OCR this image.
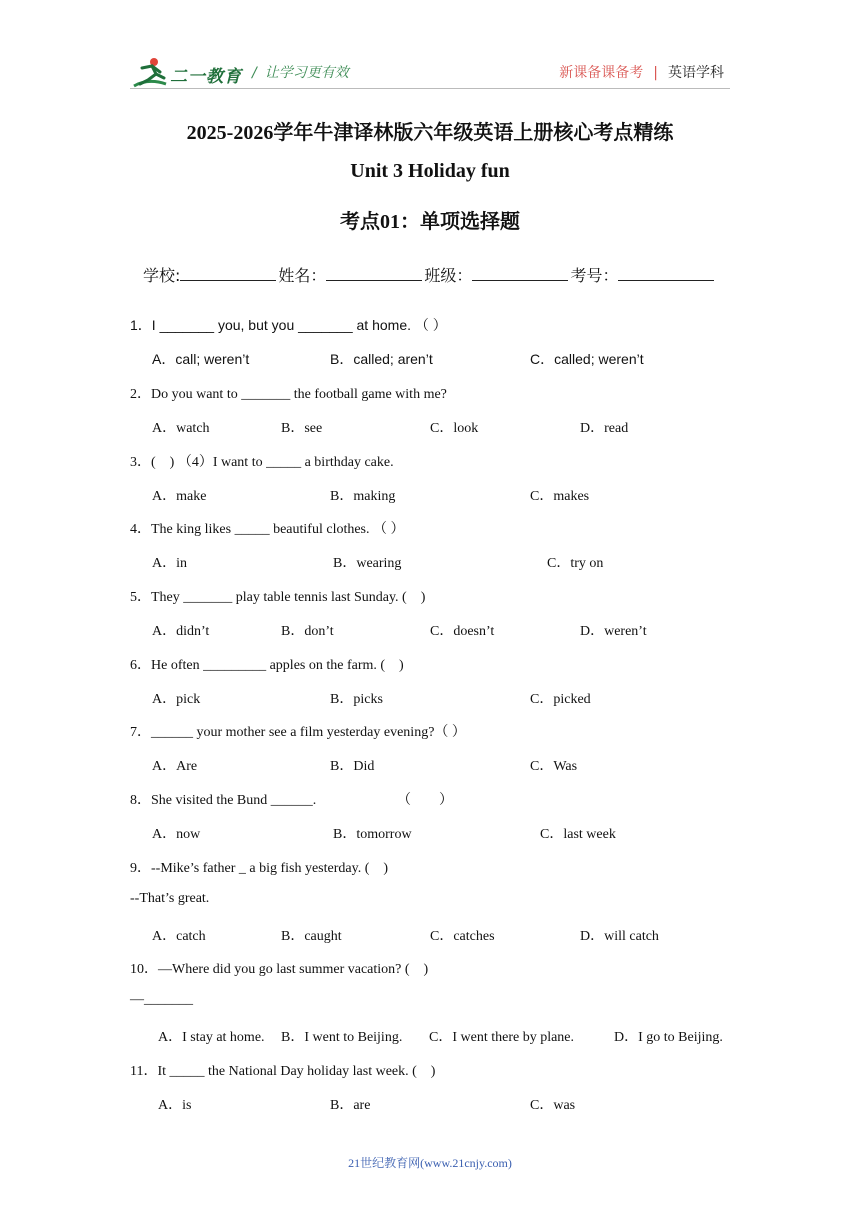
二一教育 / 让学习更有效	新课备课备考 | 英语学科
2025-2026学年牛津译林版六年级英语上册核心考点精练
Unit 3 Holiday fun
考点01：单项选择题
学校:	姓名：	班级：	考号：
1．I _______ you, but you _______ at home. （ ）
A．call; weren’t	B．called; aren’t	C．called; weren’t
2．Do you want to _______ the football game with me?
A．watch	B．see	C．look	D．read
3．(　) （4）I want to _____ a birthday cake.
A．make	B．making	C．makes
4．The king likes _____ beautiful clothes. （ ）
A．in	B．wearing	C．try on
5．They _______ play table tennis last Sunday. (　)
A．didn’t	B．don’t	C．doesn’t	D．weren’t
6．He often _________ apples on the farm. (　)
A．pick	B．picks	C．picked
7．______ your mother see a film yesterday evening?（ ）
A．Are	B．Did	C．Was
8．She visited the Bund ______.	（　　）
A．now	B．tomorrow	C．last week
9．--Mike’s father _ a big fish yesterday. (　)
--That’s great.
A．catch	B．caught	C．catches	D．will catch
10．—Where did you go last summer vacation? (　)
—_______
A．I stay at home. B．I went to Beijing. C．I went there by plane.	D．I go to Beijing.
11．It _____ the National Day holiday last week. (　)
A．is	B．are	C．was
21世纪教育网(www.21cnjy.com)
